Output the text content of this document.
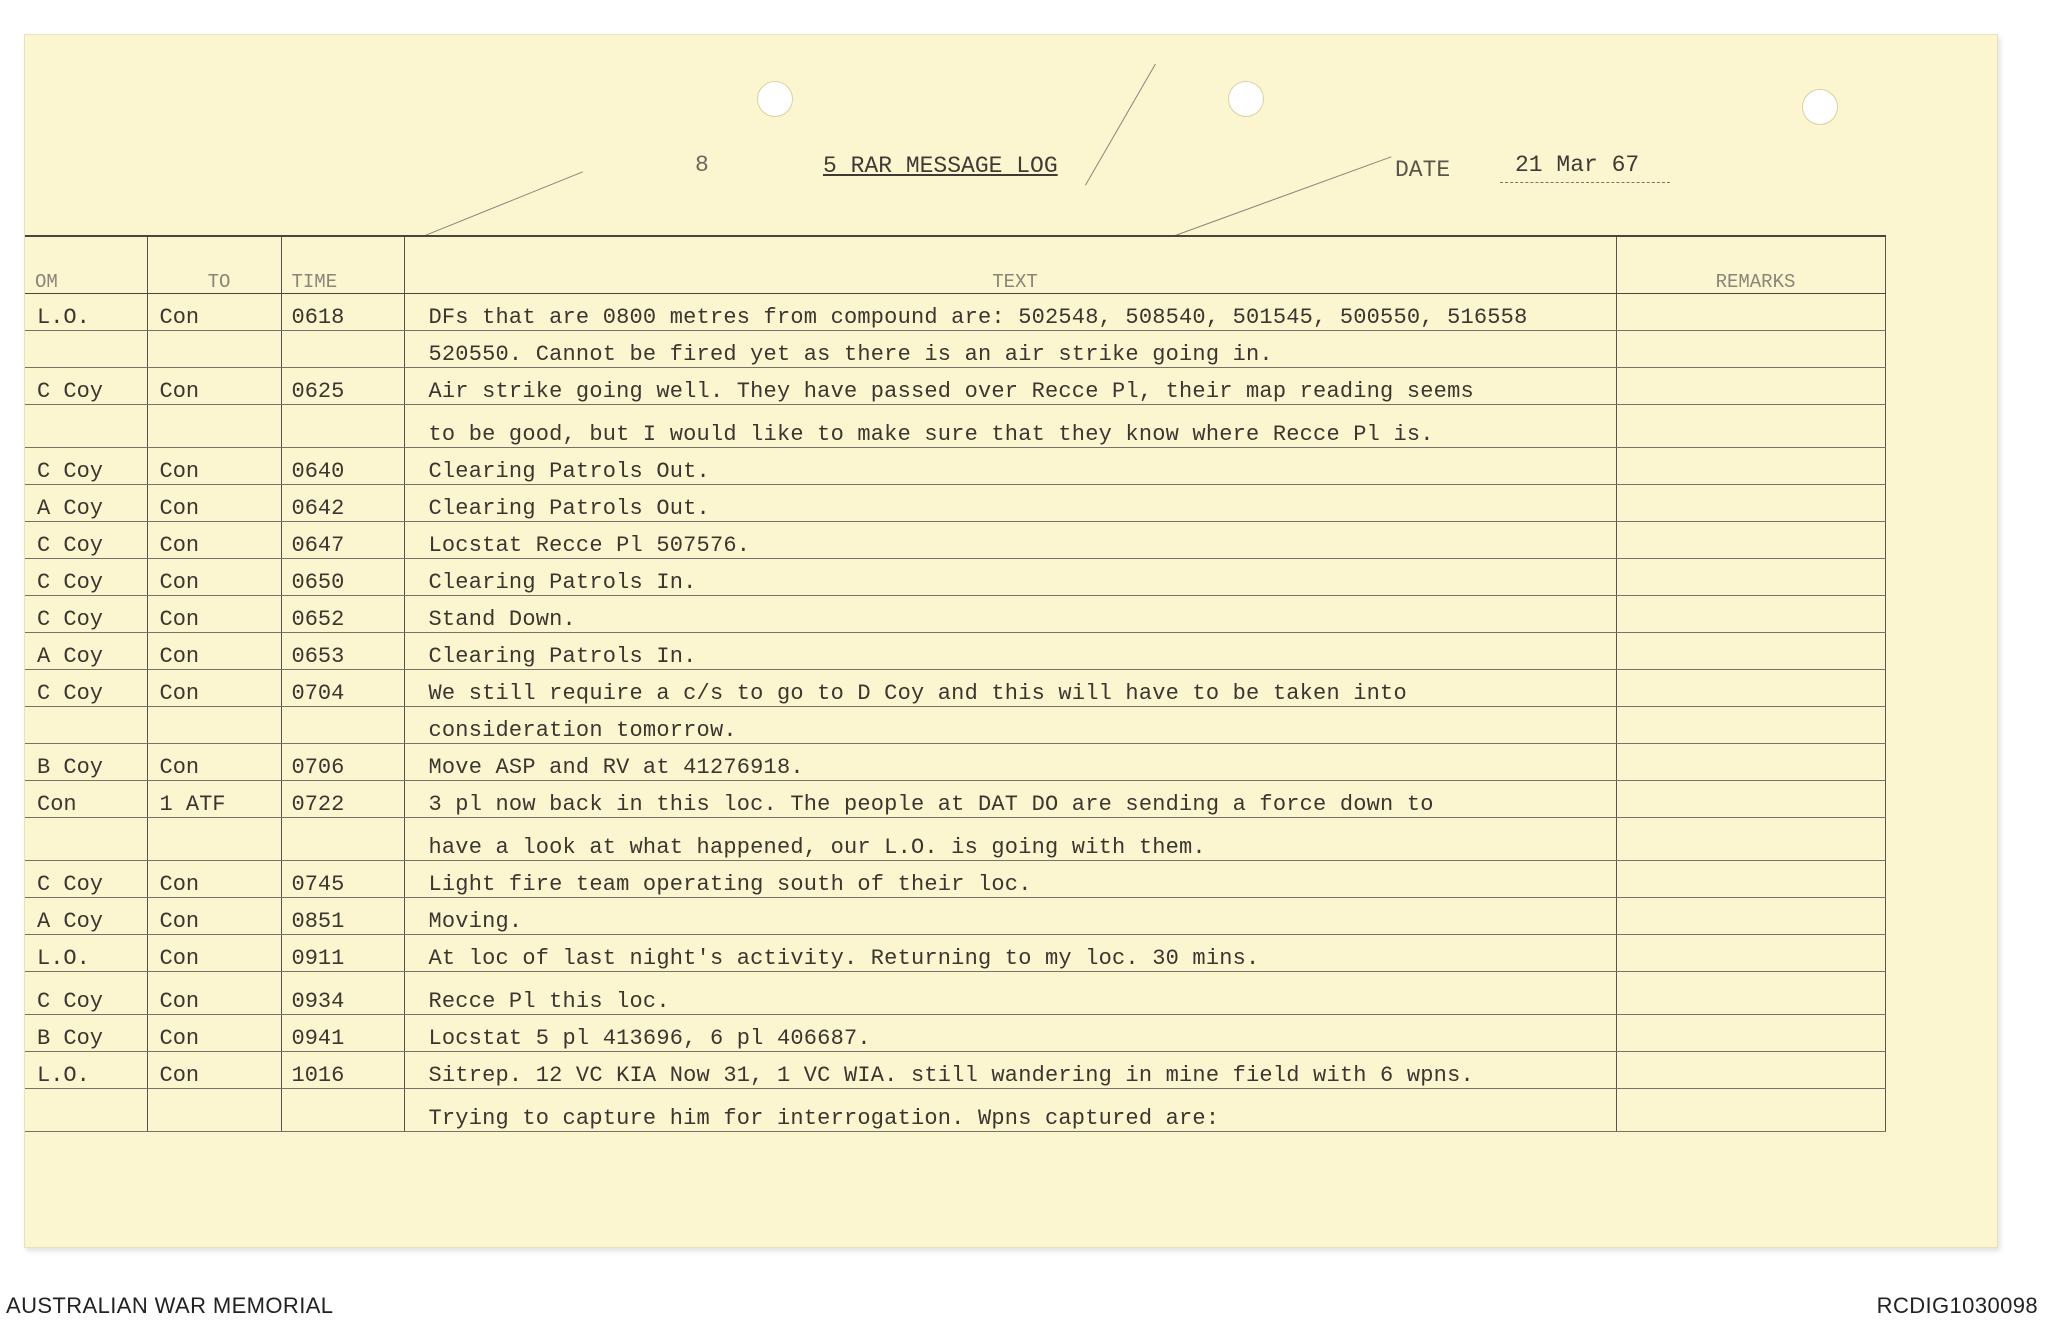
8	5 RAR MESSAGE LOG	DATE	21 Mar 67
OM	TO	TIME	TEXT	REMARKS
L.O.	Con	0618	DFs that are 0800 metres from compound are: 502548, 508540, 501545, 500550, 516558	
			520550. Cannot be fired yet as there is an air strike going in.	
C Coy	Con	0625	Air strike going well. They have passed over Recce Pl, their map reading seems	
			to be good, but I would like to make sure that they know where Recce Pl is.	
C Coy	Con	0640	Clearing Patrols Out.	
A Coy	Con	0642	Clearing Patrols Out.	
C Coy	Con	0647	Locstat Recce Pl 507576.	
C Coy	Con	0650	Clearing Patrols In.	
C Coy	Con	0652	Stand Down.	
A Coy	Con	0653	Clearing Patrols In.	
C Coy	Con	0704	We still require a c/s to go to D Coy and this will have to be taken into	
			consideration tomorrow.	
B Coy	Con	0706	Move ASP and RV at 41276918.	
Con	1 ATF	0722	3 pl now back in this loc. The people at DAT DO are sending a force down to	
			have a look at what happened, our L.O. is going with them.	
C Coy	Con	0745	Light fire team operating south of their loc.	
A Coy	Con	0851	Moving.	
L.O.	Con	0911	At loc of last night's activity. Returning to my loc. 30 mins.	
C Coy	Con	0934	Recce Pl this loc.	
B Coy	Con	0941	Locstat 5 pl 413696, 6 pl 406687.	
L.O.	Con	1016	Sitrep. 12 VC KIA Now 31, 1 VC WIA. still wandering in mine field with 6 wpns.	
			Trying to capture him for interrogation. Wpns captured are:	
AUSTRALIAN WAR MEMORIAL	RCDIG1030098
